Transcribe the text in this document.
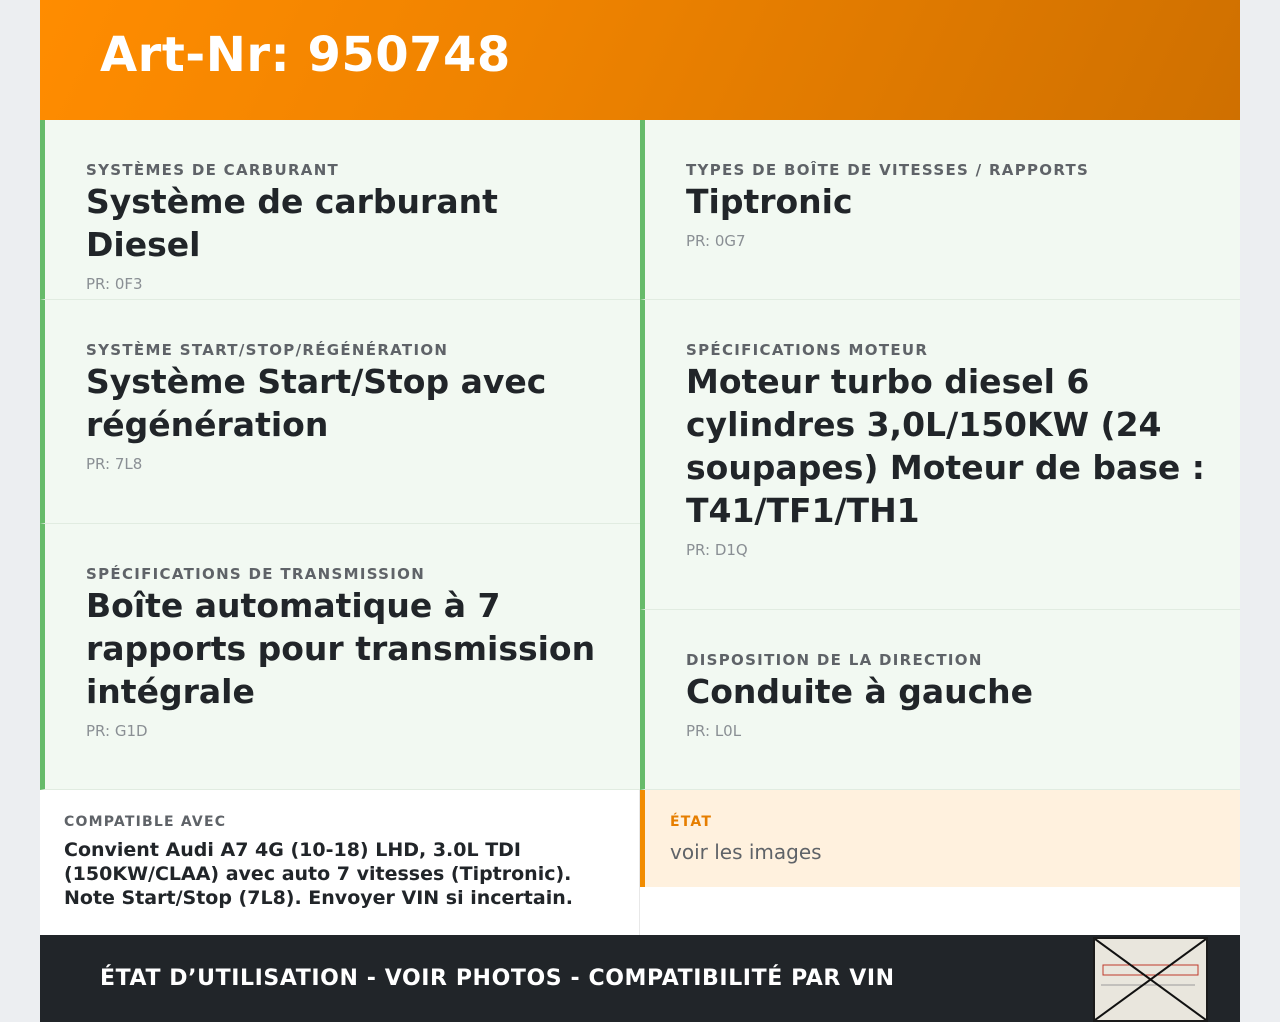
Art-Nr: 950748
SYSTÈMES DE CARBURANT
Système de carburant Diesel
PR: 0F3
SYSTÈME START/STOP/RÉGÉNÉRATION
Système Start/Stop avec régénération
PR: 7L8
SPÉCIFICATIONS DE TRANSMISSION
Boîte automatique à 7 rapports pour transmission intégrale
PR: G1D
TYPES DE BOÎTE DE VITESSES / RAPPORTS
Tiptronic
PR: 0G7
SPÉCIFICATIONS MOTEUR
Moteur turbo diesel 6 cylindres 3,0L/150KW (24 soupapes) Moteur de base : T41/TF1/TH1
PR: D1Q
DISPOSITION DE LA DIRECTION
Conduite à gauche
PR: L0L
COMPATIBLE AVEC
Convient Audi A7 4G (10-18) LHD, 3.0L TDI (150KW/CLAA) avec auto 7 vitesses (Tiptronic). Note Start/Stop (7L8). Envoyer VIN si incertain.
ÉTAT
voir les images
ÉTAT D’UTILISATION - VOIR PHOTOS - COMPATIBILITÉ PAR VIN
